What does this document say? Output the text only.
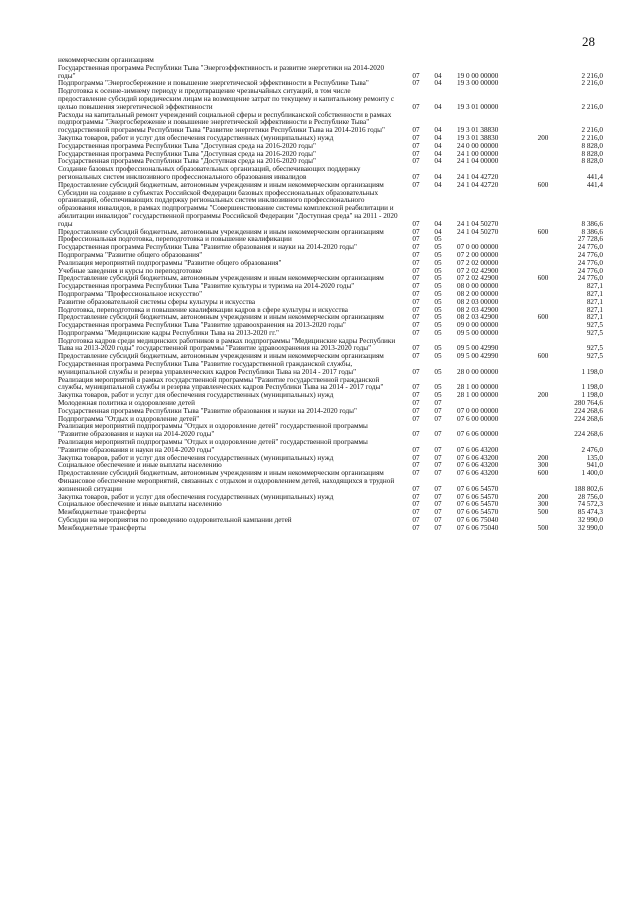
28
некоммерческим организациям
Государственная программа Республики Тыва "Энергоэффективность и развитие энергетики на 2014-2020 годы"	07	04	19 0 00 00000	2 216,0
Подпрограмма "Энергосбережение и повышение энергетической эффективности в Республике Тыва"	07	04	19 3 00 00000	2 216,0
Подготовка к осенне-зимнему периоду и предотвращение чрезвычайных ситуаций, в том числе предоставление субсидий юридическим лицам на возмещение затрат по текущему и капитальному ремонту с целью повышения энергетической эффективности	07	04	19 3 01 00000	2 216,0
Расходы на капитальный ремонт учреждений социальной сферы и республиканской собственности в рамках подпрограммы "Энергосбережение и повышение энергетической эффективности в Республике Тыва" государственной программы Республики Тыва "Развитие энергетики Республики Тыва на 2014-2016 годы"	07	04	19 3 01 38830	2 216,0
Закупка товаров, работ и услуг для обеспечения государственных (муниципальных) нужд	07	04	19 3 01 38830	200	2 216,0
Государственная программа Республики Тыва "Доступная среда на 2016-2020 годы"	07	04	24 0 00 00000	8 828,0
Государственная программа Республики Тыва "Доступная среда на 2016-2020 годы"	07	04	24 1 00 00000	8 828,0
Государственная программа Республики Тыва "Доступная среда на 2016-2020 годы"	07	04	24 1 04 00000	8 828,0
Создание базовых профессиональных образовательных организаций, обеспечивающих поддержку региональных систем инклюзивного профессионального образования инвалидов	07	04	24 1 04 42720	441,4
Предоставление субсидий бюджетным, автономным учреждениям и иным некоммерческим организациям	07	04	24 1 04 42720	600	441,4
Субсидии на создание в субъектах Российской Федерации базовых профессиональных образовательных организаций, обеспечивающих поддержку региональных систем инклюзивного профессионального образования инвалидов, в рамках подпрограммы "Совершенствование системы комплексной реабилитации и абилитации инвалидов" государственной программы Российской Федерации "Доступная среда" на 2011 - 2020 годы	07	04	24 1 04 50270	8 386,6
Предоставление субсидий бюджетным, автономным учреждениям и иным некоммерческим организациям	07	04	24 1 04 50270	600	8 386,6
Профессиональная подготовка, переподготовка и повышение квалификации	07	05	27 728,6
Государственная программа Республики Тыва "Развитие образования и науки на 2014-2020 годы"	07	05	07 0 00 00000	24 776,0
Подпрограмма "Развитие общего образования"	07	05	07 2 00 00000	24 776,0
Реализация мероприятий подпрограммы "Развитие общего образования"	07	05	07 2 02 00000	24 776,0
Учебные заведения и курсы по переподготовке	07	05	07 2 02 42900	24 776,0
Предоставление субсидий бюджетным, автономным учреждениям и иным некоммерческим организациям	07	05	07 2 02 42900	600	24 776,0
Государственная программа Республики Тыва "Развитие культуры и туризма на 2014-2020 годы"	07	05	08 0 00 00000	827,1
Подпрограмма "Профессиональное искусство"	07	05	08 2 00 00000	827,1
Развитие образовательной системы сферы культуры и искусства	07	05	08 2 03 00000	827,1
Подготовка, переподготовка и повышение квалификации кадров в сфере культуры и искусства	07	05	08 2 03 42900	827,1
Предоставление субсидий бюджетным, автономным учреждениям и иным некоммерческим организациям	07	05	08 2 03 42900	600	827,1
Государственная программа Республики Тыва "Развитие здравоохранения на 2013-2020 годы"	07	05	09 0 00 00000	927,5
Подпрограмма "Медицинские кадры Республики Тыва на 2013-2020 гг."	07	05	09 5 00 00000	927,5
Подготовка кадров среди медицинских работников в рамках подпрограммы "Медицинские кадры Республики Тыва на 2013-2020 годы" государственной программы "Развитие здравоохранения на 2013-2020 годы"	07	05	09 5 00 42990	927,5
Предоставление субсидий бюджетным, автономным учреждениям и иным некоммерческим организациям	07	05	09 5 00 42990	600	927,5
Государственная программа Республики Тыва "Развитие государственной гражданской службы, муниципальной службы и резерва управленческих кадров Республики Тыва на 2014 - 2017 годы"	07	05	28 0 00 00000	1 198,0
Реализация мероприятий в рамках государственной программы "Развитие государственной гражданской службы, муниципальной службы и резерва управленческих кадров Республики Тыва на 2014 - 2017 годы"	07	05	28 1 00 00000	1 198,0
Закупка товаров, работ и услуг для обеспечения государственных (муниципальных) нужд	07	05	28 1 00 00000	200	1 198,0
Молодежная политика и оздоровление детей	07	07	280 764,6
Государственная программа Республики Тыва "Развитие образования и науки на 2014-2020 годы"	07	07	07 0 00 00000	224 268,6
Подпрограмма "Отдых и оздоровление детей"	07	07	07 6 00 00000	224 268,6
Реализация мероприятий подпрограммы "Отдых и оздоровление детей" государственной программы "Развитие образования и науки на 2014-2020 годы"	07	07	07 6 06 00000	224 268,6
Реализация мероприятий подпрограммы "Отдых и оздоровление детей" государственной программы "Развитие образования и науки на 2014-2020 годы"	07	07	07 6 06 43200	2 476,0
Закупка товаров, работ и услуг для обеспечения государственных (муниципальных) нужд	07	07	07 6 06 43200	200	135,0
Социальное обеспечение и иные выплаты населению	07	07	07 6 06 43200	300	941,0
Предоставление субсидий бюджетным, автономным учреждениям и иным некоммерческим организациям	07	07	07 6 06 43200	600	1 400,0
Финансовое обеспечение мероприятий, связанных с отдыхом и оздоровлением детей, находящихся в трудной жизненной ситуации	07	07	07 6 06 54570	188 802,6
Закупка товаров, работ и услуг для обеспечения государственных (муниципальных) нужд	07	07	07 6 06 54570	200	28 756,0
Социальное обеспечение и иные выплаты населению	07	07	07 6 06 54570	300	74 572,3
Межбюджетные трансферты	07	07	07 6 06 54570	500	85 474,3
Субсидии на мероприятия по проведению оздоровительной кампании детей	07	07	07 6 06 75040	32 990,0
Межбюджетные трансферты	07	07	07 6 06 75040	500	32 990,0
